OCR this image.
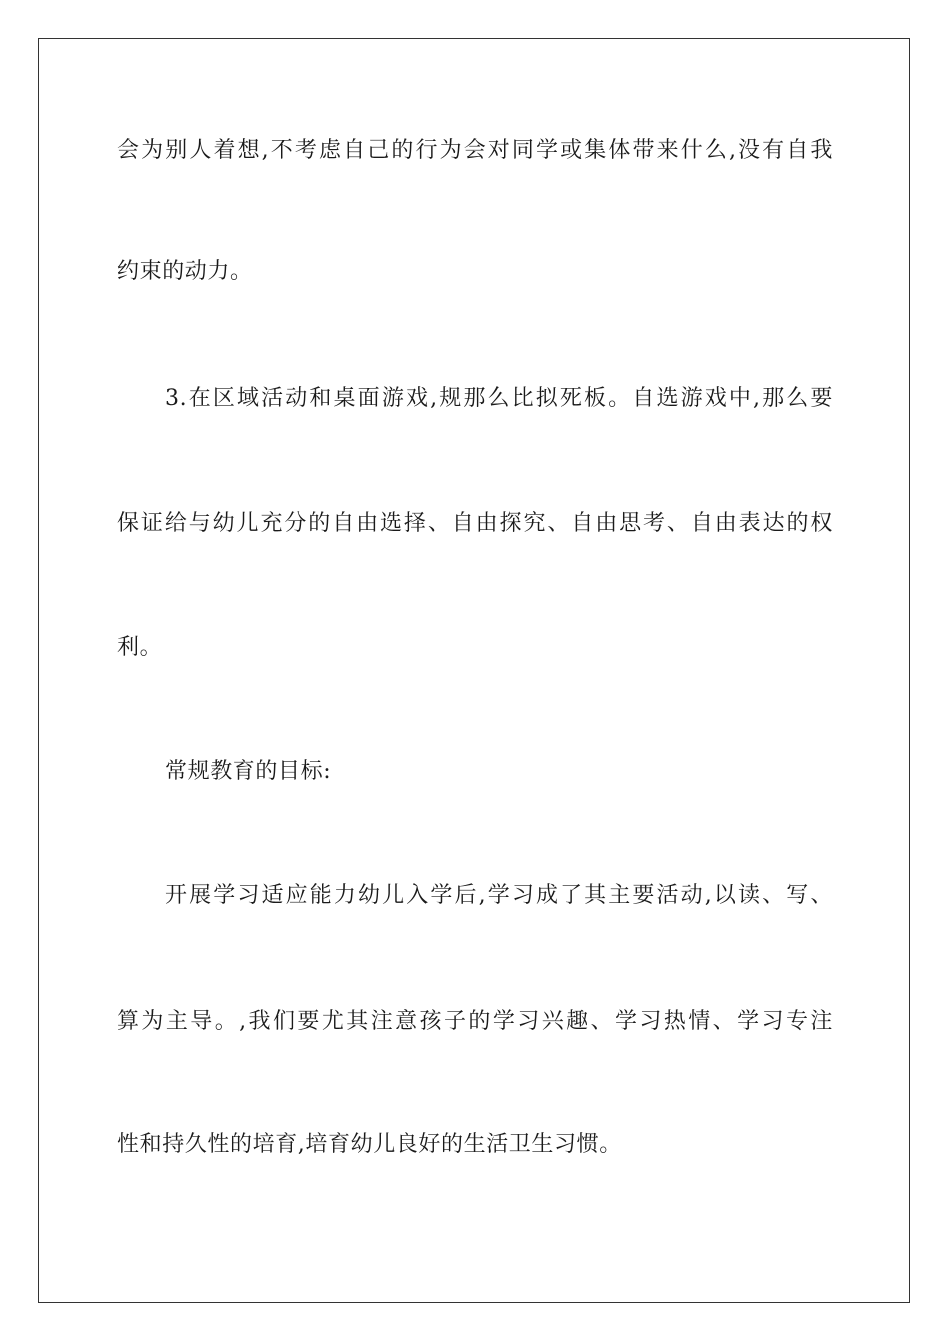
会为别人着想,不考虑自己的行为会对同学或集体带来什么,没有自我
约束的动力。
3.在区域活动和桌面游戏,规那么比拟死板。自选游戏中,那么要
保证给与幼儿充分的自由选择、自由探究、自由思考、自由表达的权
利。
常规教育的目标:
开展学习适应能力幼儿入学后,学习成了其主要活动,以读、写、
算为主导。,我们要尤其注意孩子的学习兴趣、学习热情、学习专注
性和持久性的培育,培育幼儿良好的生活卫生习惯。
